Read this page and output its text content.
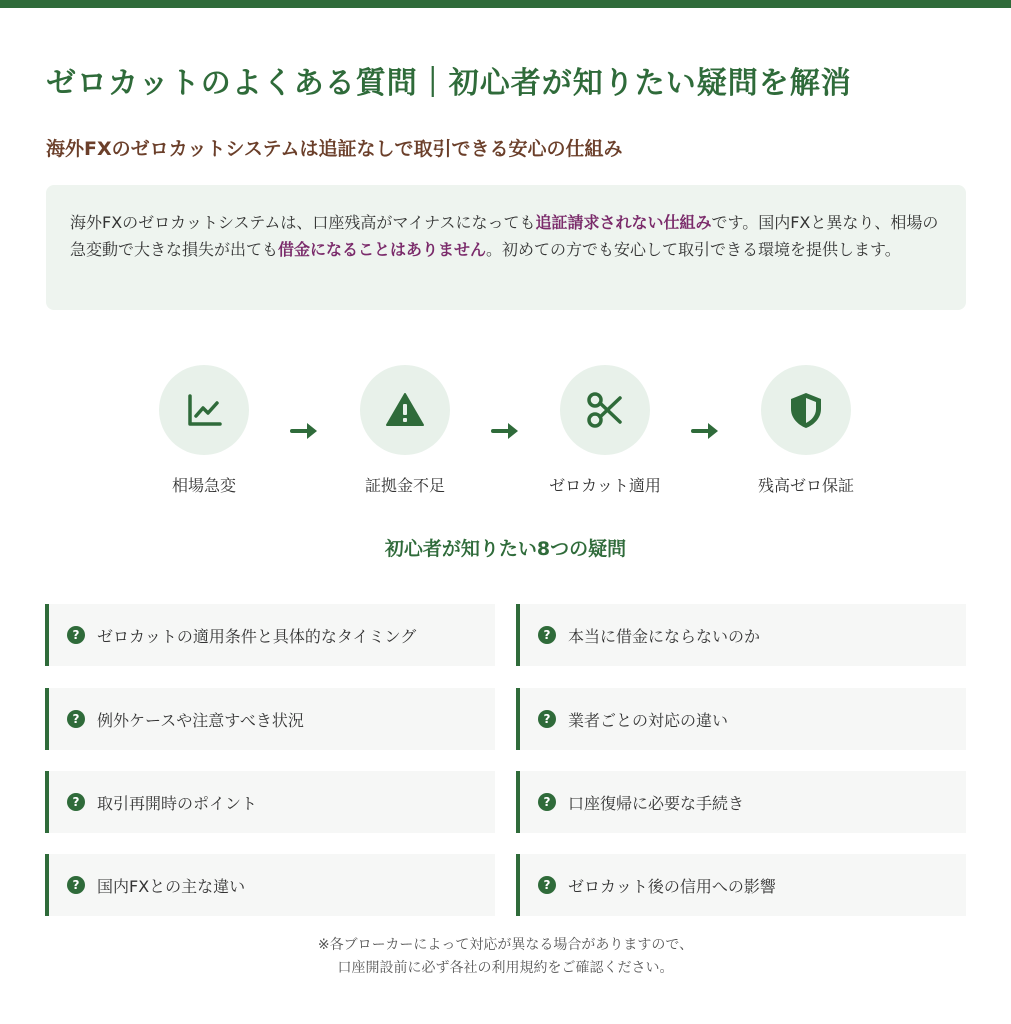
ゼロカットのよくある質問｜初心者が知りたい疑問を解消
海外FXのゼロカットシステムは追証なしで取引できる安心の仕組み
海外FXのゼロカットシステムは、口座残高がマイナスになっても追証請求されない仕組みです。国内FXと異なり、相場の急変動で大きな損失が出ても借金になることはありません。初めての方でも安心して取引できる環境を提供します。
相場急変	証拠金不足	ゼロカット適用	残高ゼロ保証
初心者が知りたい8つの疑問
?	ゼロカットの適用条件と具体的なタイミング	?	本当に借金にならないのか
?	例外ケースや注意すべき状況	?	業者ごとの対応の違い
?	取引再開時のポイント	?	口座復帰に必要な手続き
?	国内FXとの主な違い	?	ゼロカット後の信用への影響
※各ブローカーによって対応が異なる場合がありますので、
口座開設前に必ず各社の利用規約をご確認ください。
